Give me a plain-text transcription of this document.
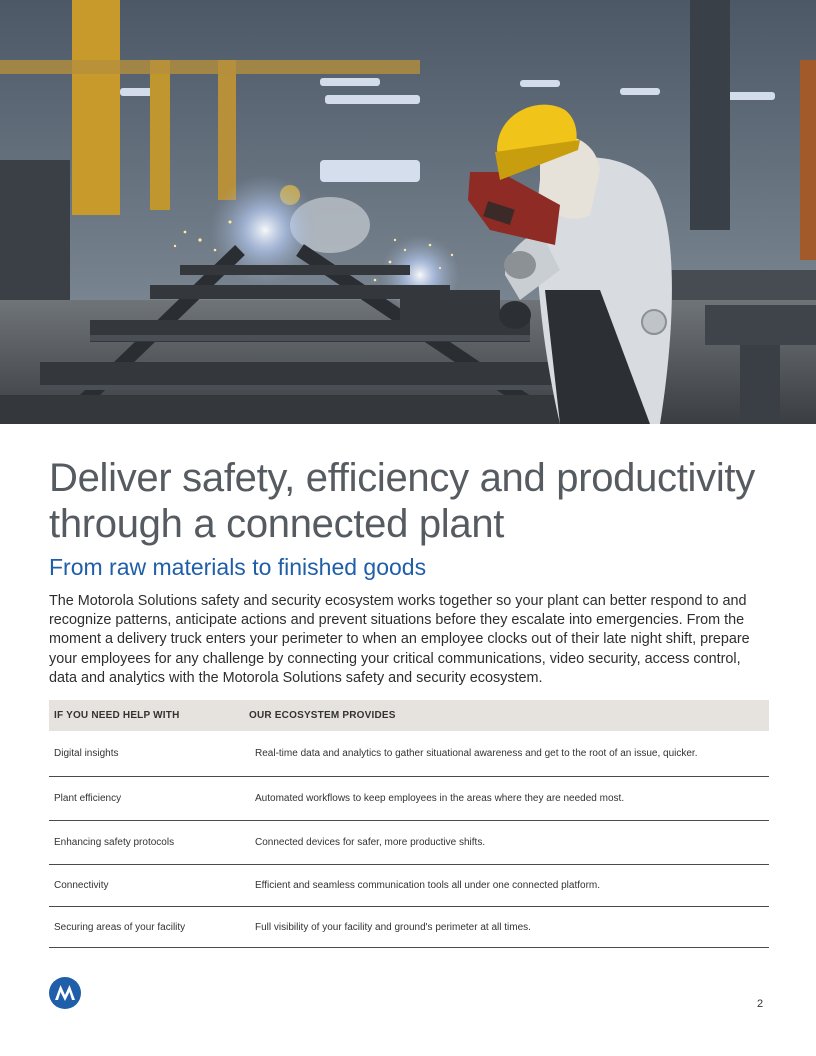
Deliver safety, efficiency and productivity
through a connected plant
From raw materials to finished goods

The Motorola Solutions safety and security ecosystem works together so your plant can better respond to and recognize patterns, anticipate actions and prevent situations before they escalate into emergencies. From the moment a delivery truck enters your perimeter to when an employee clocks out of their late night shift, prepare your employees for any challenge by connecting your critical communications, video security, access control, data and analytics with the Motorola Solutions safety and security ecosystem.

IF YOU NEED HELP WITH	OUR ECOSYSTEM PROVIDES
Digital insights	Real-time data and analytics to gather situational awareness and get to the root of an issue, quicker.
Plant efficiency	Automated workflows to keep employees in the areas where they are needed most.
Enhancing safety protocols	Connected devices for safer, more productive shifts.
Connectivity	Efficient and seamless communication tools all under one connected platform.
Securing areas of your facility	Full visibility of your facility and ground's perimeter at all times.
2
